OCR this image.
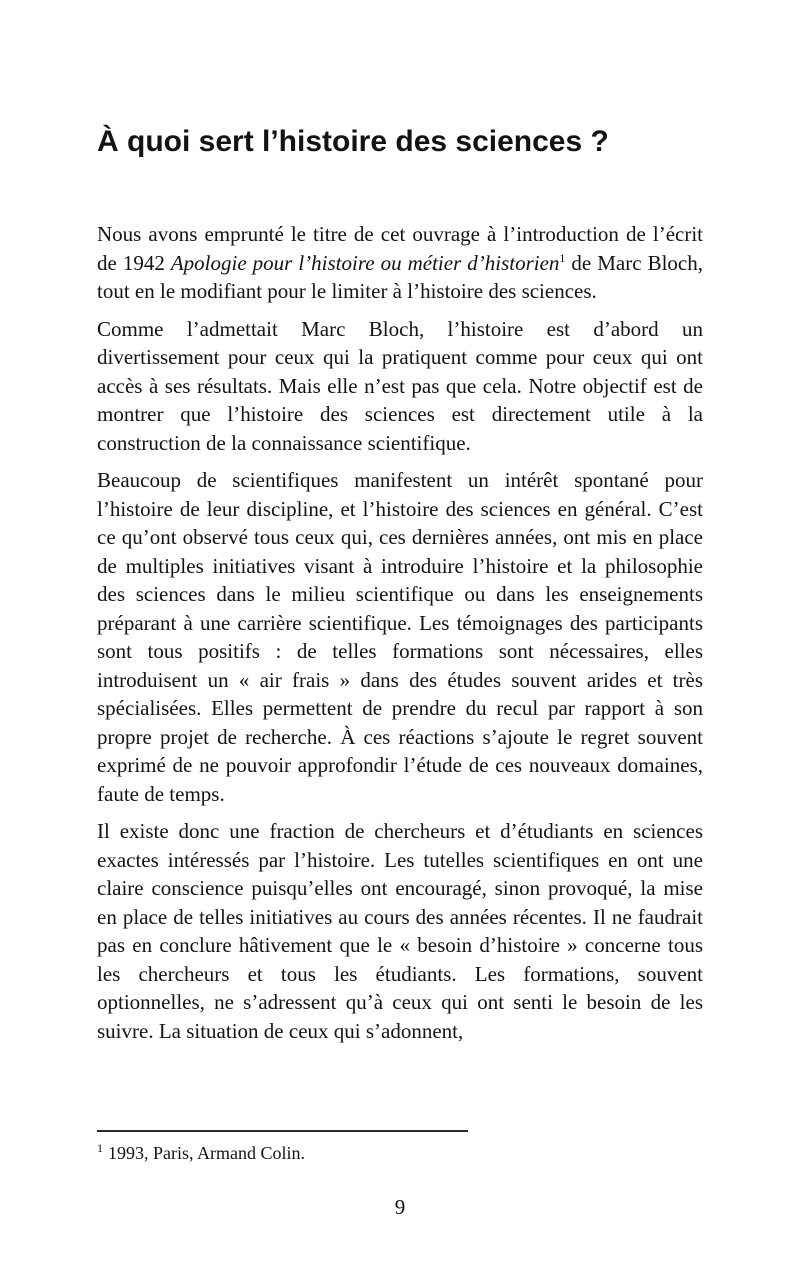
À quoi sert l’histoire des sciences ?

Nous avons emprunté le titre de cet ouvrage à l’introduction de l’écrit de 1942 Apologie pour l’histoire ou métier d’historien$^1$ de Marc Bloch, tout en le modifiant pour le limiter à l’histoire des sciences.

Comme l’admettait Marc Bloch, l’histoire est d’abord un divertissement pour ceux qui la pratiquent comme pour ceux qui ont accès à ses résultats. Mais elle n’est pas que cela. Notre objectif est de montrer que l’histoire des sciences est directement utile à la construction de la connaissance scientifique.

Beaucoup de scientifiques manifestent un intérêt spontané pour l’histoire de leur discipline, et l’histoire des sciences en général. C’est ce qu’ont observé tous ceux qui, ces dernières années, ont mis en place de multiples initiatives visant à introduire l’histoire et la philosophie des sciences dans le milieu scientifique ou dans les enseignements préparant à une carrière scientifique. Les témoignages des participants sont tous positifs : de telles formations sont nécessaires, elles introduisent un « air frais » dans des études souvent arides et très spécialisées. Elles permettent de prendre du recul par rapport à son propre projet de recherche. À ces réactions s’ajoute le regret souvent exprimé de ne pouvoir approfondir l’étude de ces nouveaux domaines, faute de temps.

Il existe donc une fraction de chercheurs et d’étudiants en sciences exactes intéressés par l’histoire. Les tutelles scientifiques en ont une claire conscience puisqu’elles ont encouragé, sinon provoqué, la mise en place de telles initiatives au cours des années récentes. Il ne faudrait pas en conclure hâtivement que le « besoin d’histoire » concerne tous les chercheurs et tous les étudiants. Les formations, souvent optionnelles, ne s’adressent qu’à ceux qui ont senti le besoin de les suivre. La situation de ceux qui s’adonnent,

$^1$ 1993, Paris, Armand Colin.
9
